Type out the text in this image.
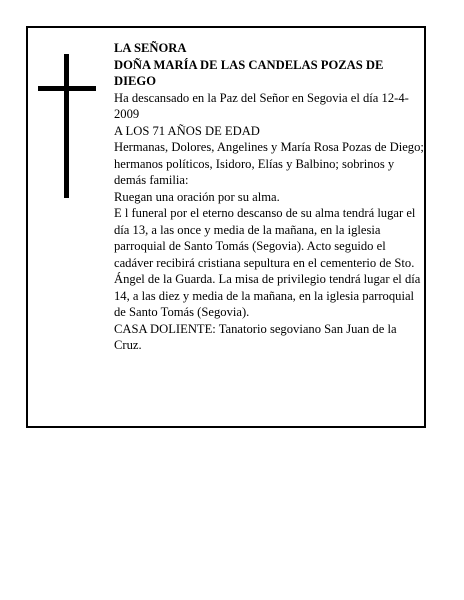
LA SEÑORA

DOÑA MARÍA DE LAS CANDELAS POZAS DE DIEGO

Ha descansado en la Paz del Señor en Segovia el día 12-4-2009

A LOS 71 AÑOS DE EDAD

Hermanas, Dolores, Angelines y María Rosa Pozas de Diego; hermanos políticos, Isidoro, Elías y Balbino; sobrinos y demás familia:

Ruegan una oración por su alma.

E l funeral por el eterno descanso de su alma tendrá lugar el día 13, a las once y media de la mañana, en la iglesia parroquial de Santo Tomás (Segovia). Acto seguido el cadáver recibirá cristiana sepultura en el cementerio de Sto. Ángel de la Guarda. La misa de privilegio tendrá lugar el día 14, a las diez y media de la mañana, en la iglesia parroquial de Santo Tomás (Segovia).

CASA DOLIENTE: Tanatorio segoviano San Juan de la Cruz.
